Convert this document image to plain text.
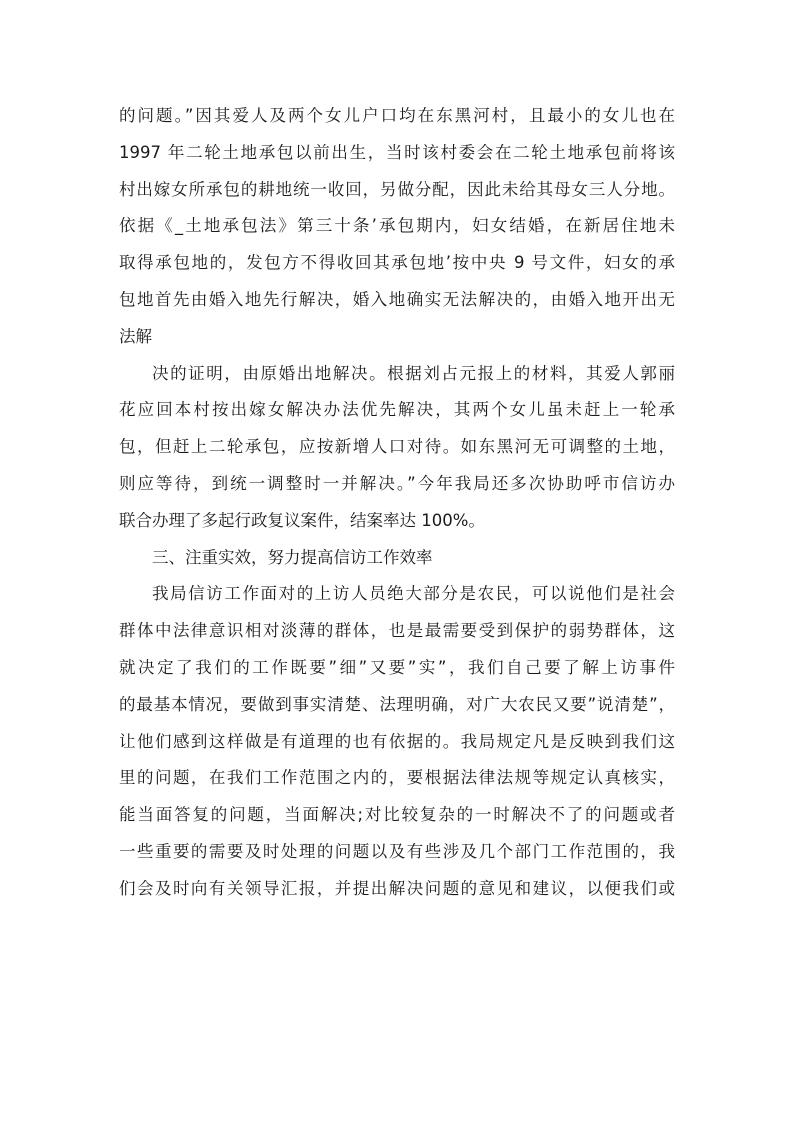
的问题。”因其爱人及两个女儿户口均在东黑河村，且最小的女儿也在
1997 年二轮土地承包以前出生，当时该村委会在二轮土地承包前将该
村出嫁女所承包的耕地统一收回，另做分配，因此未给其母女三人分地。
依据《_土地承包法》第三十条’承包期内，妇女结婚，在新居住地未
取得承包地的，发包方不得收回其承包地’按中央 9 号文件，妇女的承
包地首先由婚入地先行解决，婚入地确实无法解决的，由婚入地开出无
法解
决的证明，由原婚出地解决。根据刘占元报上的材料，其爱人郭丽
花应回本村按出嫁女解决办法优先解决，其两个女儿虽未赶上一轮承
包，但赶上二轮承包，应按新增人口对待。如东黑河无可调整的土地，
则应等待，到统一调整时一并解决。”今年我局还多次协助呼市信访办
联合办理了多起行政复议案件，结案率达 100%。
三、注重实效，努力提高信访工作效率
我局信访工作面对的上访人员绝大部分是农民，可以说他们是社会
群体中法律意识相对淡薄的群体，也是最需要受到保护的弱势群体，这
就决定了我们的工作既要”细”又要”实”，我们自己要了解上访事件
的最基本情况，要做到事实清楚、法理明确，对广大农民又要”说清楚”，
让他们感到这样做是有道理的也有依据的。我局规定凡是反映到我们这
里的问题，在我们工作范围之内的，要根据法律法规等规定认真核实，
能当面答复的问题，当面解决;对比较复杂的一时解决不了的问题或者
一些重要的需要及时处理的问题以及有些涉及几个部门工作范围的，我
们会及时向有关领导汇报，并提出解决问题的意见和建议，以便我们或
